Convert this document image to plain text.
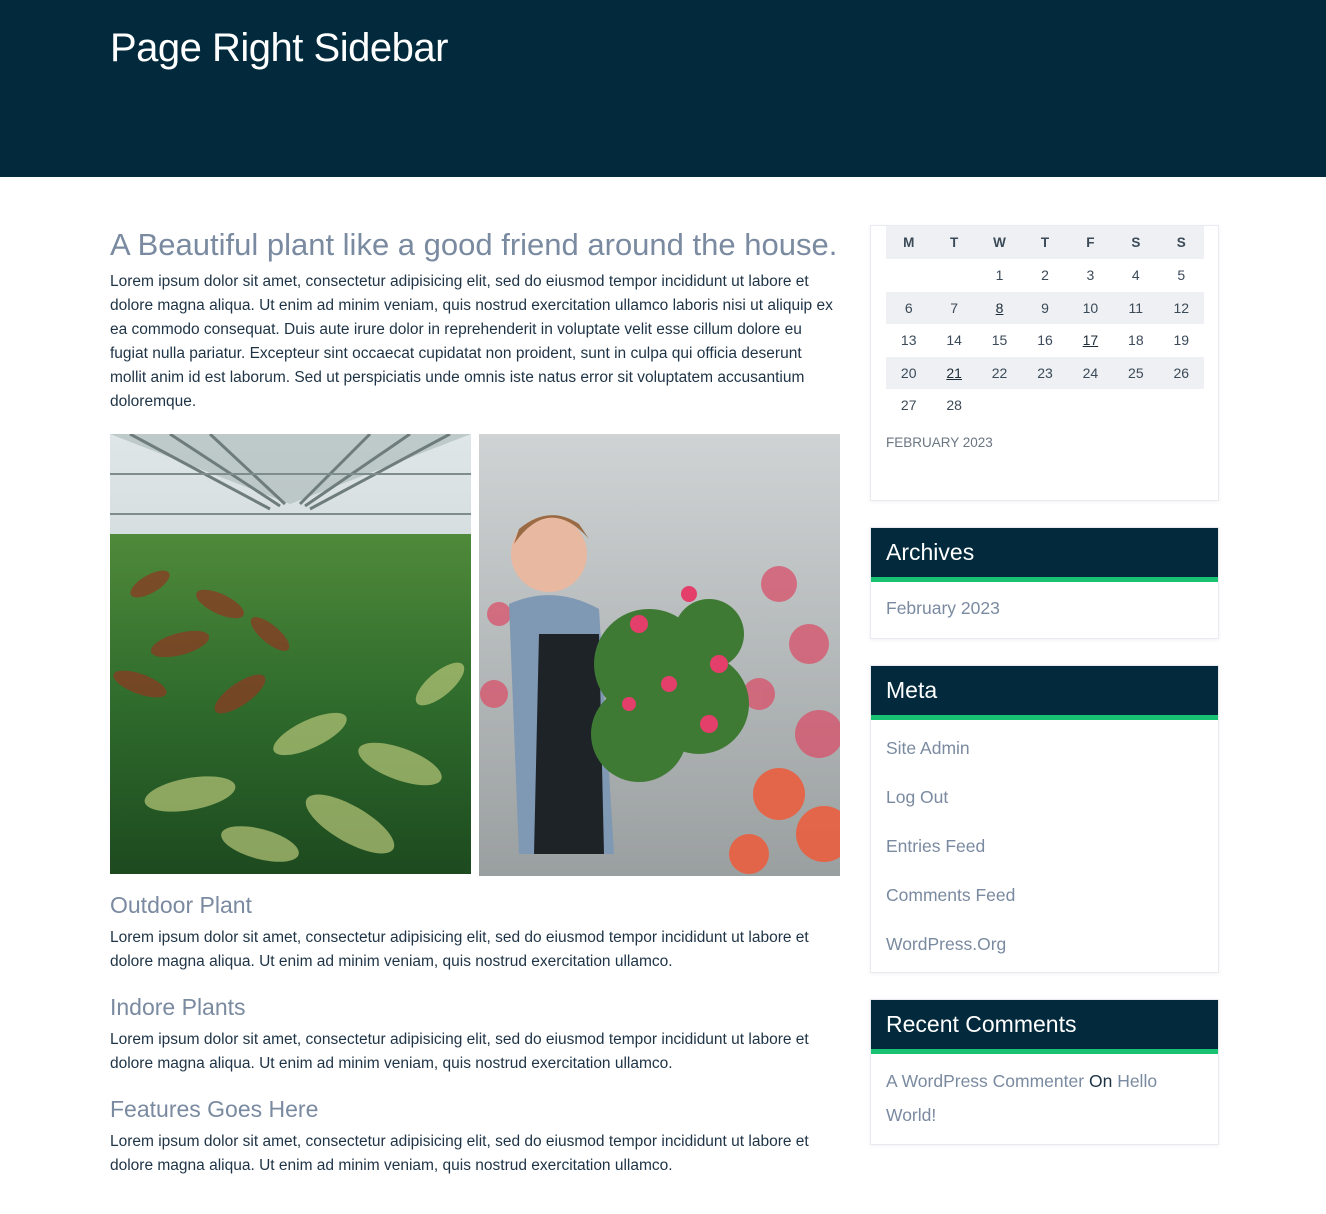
Page Right Sidebar
A Beautiful plant like a good friend around the house.

Lorem ipsum dolor sit amet, consectetur adipisicing elit, sed do eiusmod tempor incididunt ut labore et dolore magna aliqua. Ut enim ad minim veniam, quis nostrud exercitation ullamco laboris nisi ut aliquip ex ea commodo consequat. Duis aute irure dolor in reprehenderit in voluptate velit esse cillum dolore eu fugiat nulla pariatur. Excepteur sint occaecat cupidatat non proident, sunt in culpa qui officia deserunt mollit anim id est laborum. Sed ut perspiciatis unde omnis iste natus error sit voluptatem accusantium doloremque.

Outdoor Plant

Lorem ipsum dolor sit amet, consectetur adipisicing elit, sed do eiusmod tempor incididunt ut labore et dolore magna aliqua. Ut enim ad minim veniam, quis nostrud exercitation ullamco.

Indore Plants

Lorem ipsum dolor sit amet, consectetur adipisicing elit, sed do eiusmod tempor incididunt ut labore et dolore magna aliqua. Ut enim ad minim veniam, quis nostrud exercitation ullamco.

Features Goes Here

Lorem ipsum dolor sit amet, consectetur adipisicing elit, sed do eiusmod tempor incididunt ut labore et dolore magna aliqua. Ut enim ad minim veniam, quis nostrud exercitation ullamco.

M	T	W	T	F	S	S
		1	2	3	4	5
6	7	8	9	10	11	12
13	14	15	16	17	18	19
20	21	22	23	24	25	26
27	28					
FEBRUARY 2023
Archives
February 2023
Meta
Site Admin
Log Out
Entries Feed
Comments Feed
WordPress.Org
Recent Comments
A WordPress Commenter On Hello World!
